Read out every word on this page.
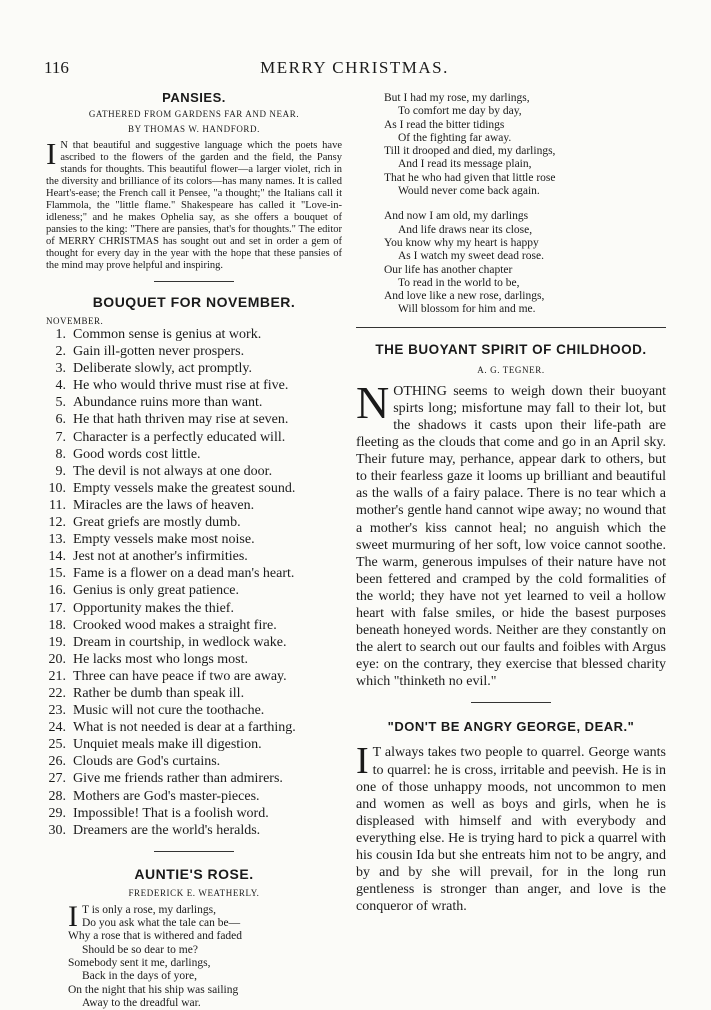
116	MERRY CHRISTMAS.
PANSIES.

GATHERED FROM GARDENS FAR AND NEAR.

BY THOMAS W. HANDFORD.

I N that beautiful and suggestive language which the poets have ascribed to the flowers of the garden and the field, the Pansy stands for thoughts. This beautiful flower—a larger violet, rich in the diversity and brilliance of its colors—has many names. It is called Heart's-ease; the French call it Pensee, "a thought;" the Italians call it Flammola, the "little flame." Shakespeare has called it "Love-in-idleness;" and he makes Ophelia say, as she offers a bouquet of pansies to the king: "There are pansies, that's for thoughts." The editor of MERRY CHRISTMAS has sought out and set in order a gem of thought for every day in the year with the hope that these pansies of the mind may prove helpful and inspiring.

BOUQUET FOR NOVEMBER.

NOVEMBER.

1. Common sense is genius at work.
2. Gain ill-gotten never prospers.
3. Deliberate slowly, act promptly.
4. He who would thrive must rise at five.
5. Abundance ruins more than want.
6. He that hath thriven may rise at seven.
7. Character is a perfectly educated will.
8. Good words cost little.
9. The devil is not always at one door.
10. Empty vessels make the greatest sound.
11. Miracles are the laws of heaven.
12. Great griefs are mostly dumb.
13. Empty vessels make most noise.
14. Jest not at another's infirmities.
15. Fame is a flower on a dead man's heart.
16. Genius is only great patience.
17. Opportunity makes the thief.
18. Crooked wood makes a straight fire.
19. Dream in courtship, in wedlock wake.
20. He lacks most who longs most.
21. Three can have peace if two are away.
22. Rather be dumb than speak ill.
23. Music will not cure the toothache.
24. What is not needed is dear at a farthing.
25. Unquiet meals make ill digestion.
26. Clouds are God's curtains.
27. Give me friends rather than admirers.
28. Mothers are God's master-pieces.
29. Impossible! That is a foolish word.
30. Dreamers are the world's heralds.
AUNTIE'S ROSE.

FREDERICK E. WEATHERLY.

I T is only a rose, my darlings,
Do you ask what the tale can be—
Why a rose that is withered and faded
Should be so dear to me?
Somebody sent it me, darlings,
Back in the days of yore,
On the night that his ship was sailing
Away to the dreadful war.
But I had my rose, my darlings,
To comfort me day by day,
As I read the bitter tidings
Of the fighting far away.
Till it drooped and died, my darlings,
And I read its message plain,
That he who had given that little rose
Would never come back again.
And now I am old, my darlings
And life draws near its close,
You know why my heart is happy
As I watch my sweet dead rose.
Our life has another chapter
To read in the world to be,
And love like a new rose, darlings,
Will blossom for him and me.
THE BUOYANT SPIRIT OF CHILDHOOD.

A. G. TEGNER.

NOTHING seems to weigh down their buoyant spirts long; misfortune may fall to their lot, but the shadows it casts upon their life-path are fleeting as the clouds that come and go in an April sky. Their future may, perhance, appear dark to others, but to their fearless gaze it looms up brilliant and beautiful as the walls of a fairy palace. There is no tear which a mother's gentle hand cannot wipe away; no wound that a mother's kiss cannot heal; no anguish which the sweet murmuring of her soft, low voice cannot soothe. The warm, generous impulses of their nature have not been fettered and cramped by the cold formalities of the world; they have not yet learned to veil a hollow heart with false smiles, or hide the basest purposes beneath honeyed words. Neither are they constantly on the alert to search out our faults and foibles with Argus eye: on the contrary, they exercise that blessed charity which "thinketh no evil."

"DON'T BE ANGRY GEORGE, DEAR."

I T always takes two people to quarrel. George wants to quarrel: he is cross, irritable and peevish. He is in one of those unhappy moods, not uncommon to men and women as well as boys and girls, when he is displeased with himself and with everybody and everything else. He is trying hard to pick a quarrel with his cousin Ida but she entreats him not to be angry, and by and by she will prevail, for in the long run gentleness is stronger than anger, and love is the conqueror of wrath.
